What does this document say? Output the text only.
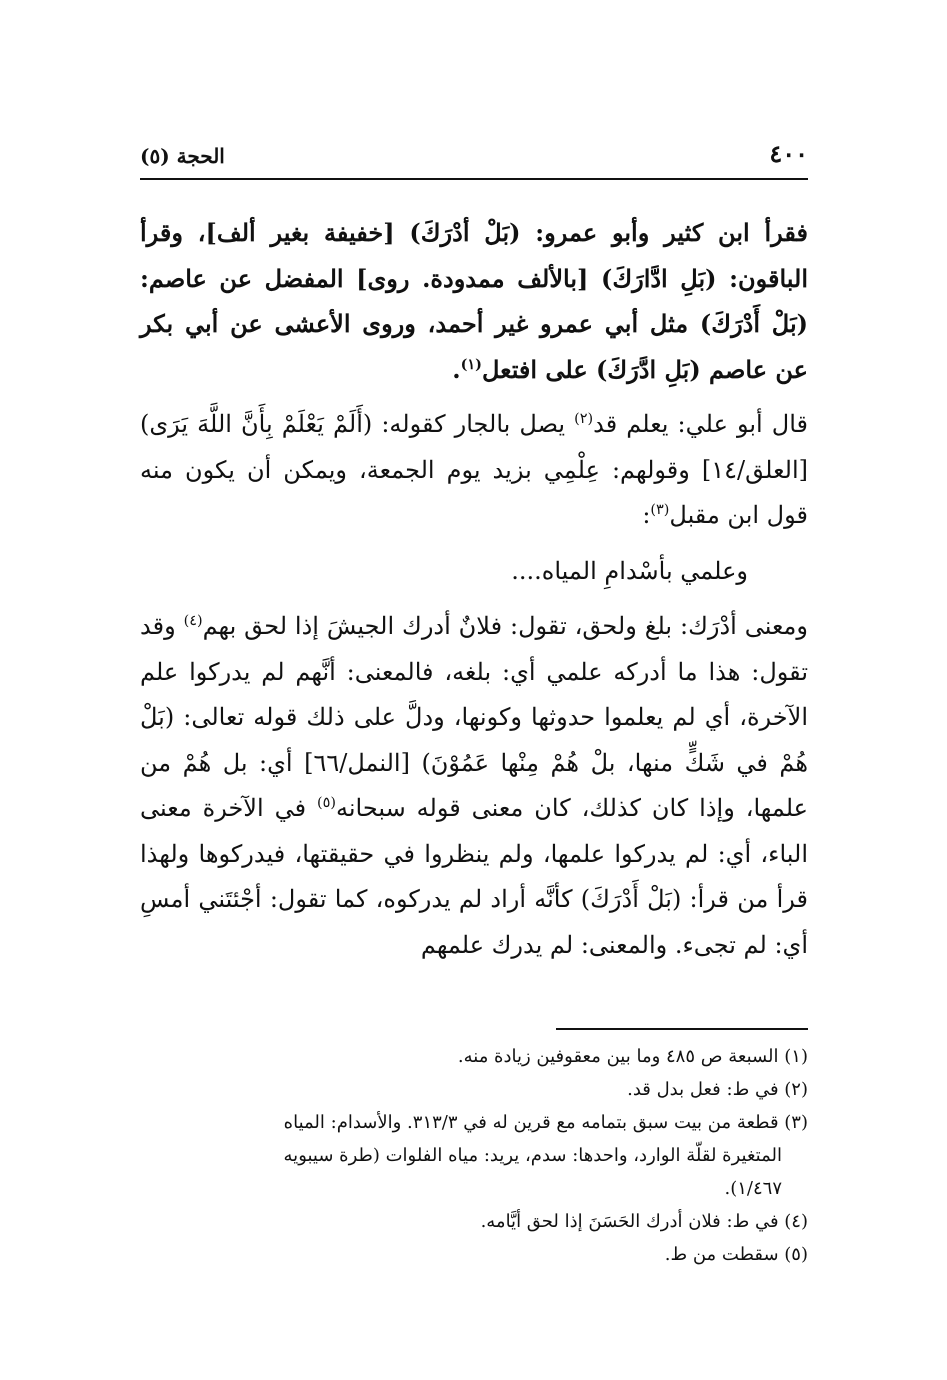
٤٠٠
الحجة (٥)

فقرأ ابن كثير وأبو عمرو: (بَلْ أدْرَكَ) [خفيفة بغير ألف]، وقرأ الباقون: (بَلِ ادَّارَكَ) [بالألف ممدودة. روى] المفضل عن عاصم: (بَلْ أَدْرَكَ) مثل أبي عمرو غير أحمد، وروى الأعشى عن أبي بكر عن عاصم (بَلِ ادَّرَكَ) على افتعل$^{(١)}$.

قال أبو علي: يعلم قد$^{(٢)}$ يصل بالجار كقوله: (أَلَمْ يَعْلَمْ بِأَنَّ اللَّهَ يَرَى) [العلق/١٤] وقولهم: عِلْمِي بزيد يوم الجمعة، ويمكن أن يكون منه قول ابن مقبل$^{(٣)}$:

وعلمي بأسْدامِ المياه....

ومعنى أدْرَك: بلغ ولحق، تقول: فلانٌ أدرك الجيشَ إذا لحق بهم$^{(٤)}$ وقد تقول: هذا ما أدركه علمي أي: بلغه، فالمعنى: أنَّهم لم يدركوا علم الآخرة، أي لم يعلموا حدوثها وكونها، ودلَّ على ذلك قوله تعالى: (بَلْ هُمْ في شَكٍّ منها، بلْ هُمْ مِنْها عَمُوْنَ) [النمل/٦٦] أي: بل هُمْ من علمها، وإذا كان كذلك، كان معنى قوله سبحانه$^{(٥)}$ في الآخرة معنى الباء، أي: لم يدركوا علمها، ولم ينظروا في حقيقتها، فيدركوها ولهذا قرأ من قرأ: (بَلْ أَدْرَكَ) كأنَّه أراد لم يدركوه، كما تقول: أجْئتَني أمسِ أي: لم تجىء. والمعنى: لم يدرك علمهم

(١) السبعة ص ٤٨٥ وما بين معقوفين زيادة منه.

(٢) في ط: فعل بدل قد.

(٣) قطعة من بيت سبق بتمامه مع قرين له في ٣١٣/٣. والأسدام: المياه

المتغيرة لقلّة الوارد، واحدها: سدم، يريد: مياه الفلوات (طرة سيبويه

١/٤٦٧).

(٤) في ط: فلان أدرك الحَسَنَ إذا لحق أيَّامه.

(٥) سقطت من ط.
